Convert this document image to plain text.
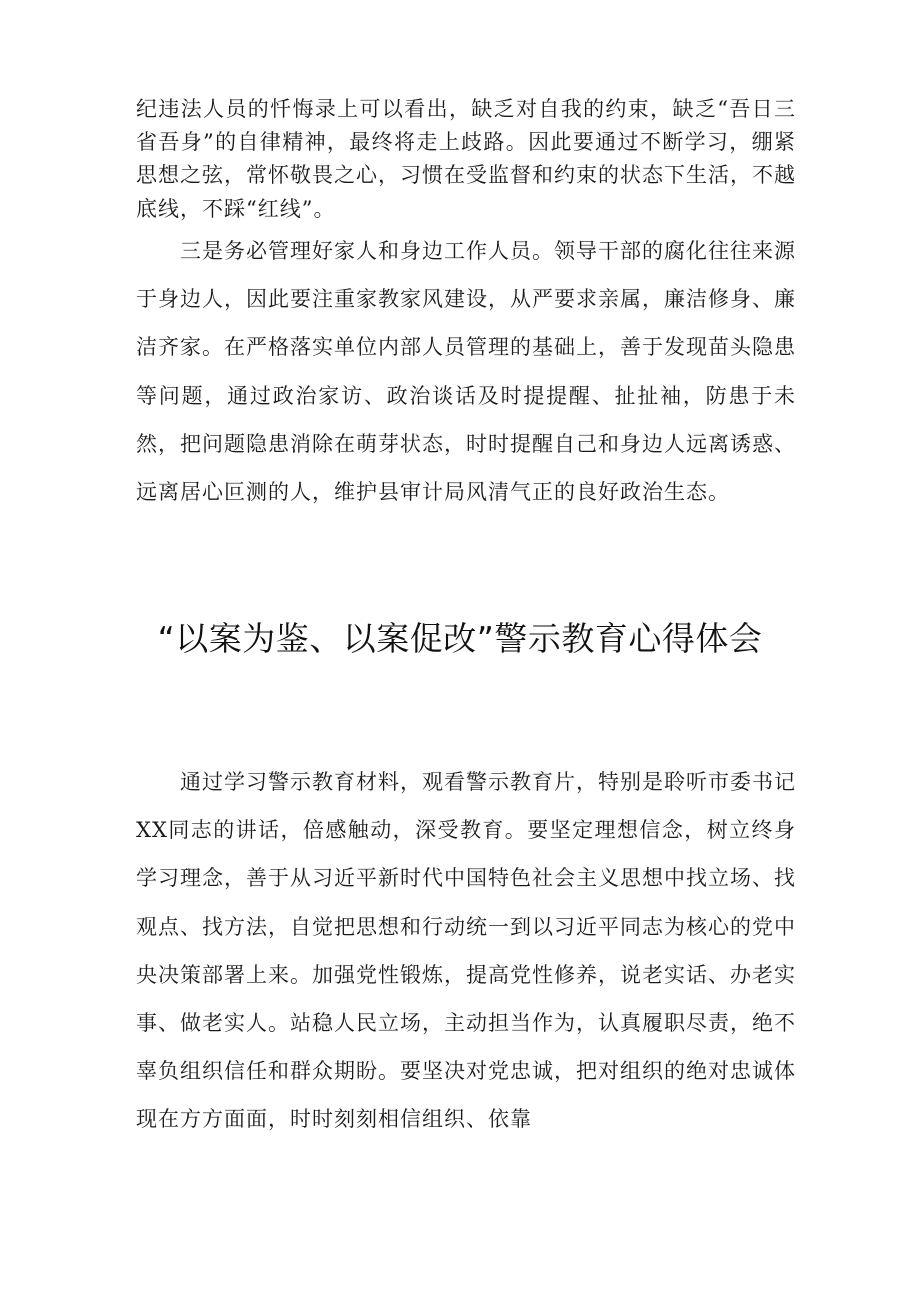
纪违法人员的忏悔录上可以看出，缺乏对自我的约束，缺乏“吾日三省吾身”的自律精神，最终将走上歧路。因此要通过不断学习，绷紧思想之弦，常怀敬畏之心，习惯在受监督和约束的状态下生活，不越底线，不踩“红线”。

三是务必管理好家人和身边工作人员。领导干部的腐化往往来源于身边人，因此要注重家教家风建设，从严要求亲属，廉洁修身、廉洁齐家。在严格落实单位内部人员管理的基础上，善于发现苗头隐患等问题，通过政治家访、政治谈话及时提提醒、扯扯袖，防患于未然，把问题隐患消除在萌芽状态，时时提醒自己和身边人远离诱惑、远离居心叵测的人，维护县审计局风清气正的良好政治生态。

“以案为鉴、以案促改”警示教育心得体会

通过学习警示教育材料，观看警示教育片，特别是聆听市委书记XX同志的讲话，倍感触动，深受教育。要坚定理想信念，树立终身学习理念，善于从习近平新时代中国特色社会主义思想中找立场、找观点、找方法，自觉把思想和行动统一到以习近平同志为核心的党中央决策部署上来。加强党性锻炼，提高党性修养，说老实话、办老实事、做老实人。站稳人民立场，主动担当作为，认真履职尽责，绝不辜负组织信任和群众期盼。要坚决对党忠诚，把对组织的绝对忠诚体现在方方面面，时时刻刻相信组织、依靠
